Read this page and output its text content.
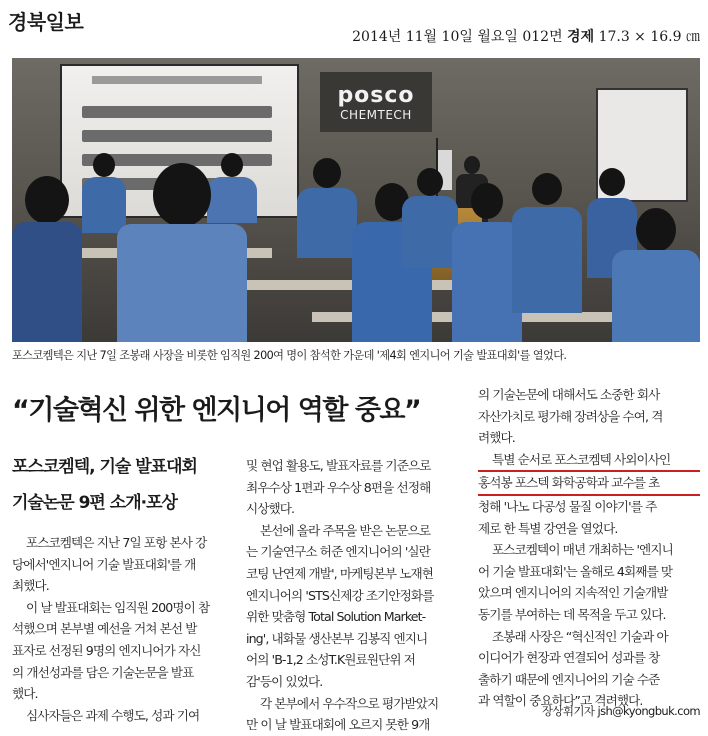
경북일보
2014년 11월 10일 월요일 012면 경제 17.3 × 16.9 ㎝
posco
CHEMTECH
포스코켐텍은 지난 7일 조봉래 사장을 비롯한 임직원 200여 명이 참석한 가운데 '제4회 엔지니어 기술 발표대회'를 열었다.
“기술혁신 위한 엔지니어 역할 중요”
포스코켐텍, 기술 발표대회
기술논문 9편 소개·포상
포스코켐텍은 지난 7일 포항 본사 강
당에서'엔지니어 기술 발표대회'를 개
최했다.
이 날 발표대회는 임직원 200명이 참
석했으며 본부별 예선을 거쳐 본선 발
표자로 선정된 9명의 엔지니어가 자신
의 개선성과를 담은 기술논문을 발표
했다.
심사자들은 과제 수행도, 성과 기여
및 현업 활용도, 발표자료를 기준으로
최우수상 1편과 우수상 8편을 선정해
시상했다.
본선에 올라 주목을 받은 논문으로
는 기술연구소 허준 엔지니어의 '실란
코팅 난연제 개발', 마케팅본부 노재현
엔지니어의 'STS신제강 조기안정화를
위한 맞춤형 Total Solution Market-
ing', 내화물 생산본부 김봉직 엔지니
어의 'B-1,2 소성T.K원료원단위 저
감'등이 있었다.
각 본부에서 우수작으로 평가받았지
만 이 날 발표대회에 오르지 못한 9개
의 기술논문에 대해서도 소중한 회사
자산가치로 평가해 장려상을 수여, 격
려했다.
특별 순서로 포스코켐텍 사외이사인
홍석봉 포스텍 화학공학과 교수를 초
청해 '나노 다공성 물질 이야기'를 주
제로 한 특별 강연을 열었다.
포스코켐텍이 매년 개최하는 '엔지니
어 기술 발표대회'는 올해로 4회째를 맞
았으며 엔지니어의 지속적인 기술개발
동기를 부여하는 데 목적을 두고 있다.
조봉래 사장은 “혁신적인 기술과 아
이디어가 현장과 연결되어 성과를 창
출하기 때문에 엔지니어의 기술 수준
과 역할이 중요하다”고 격려했다.
장상휘기자 jsh@kyongbuk.com
